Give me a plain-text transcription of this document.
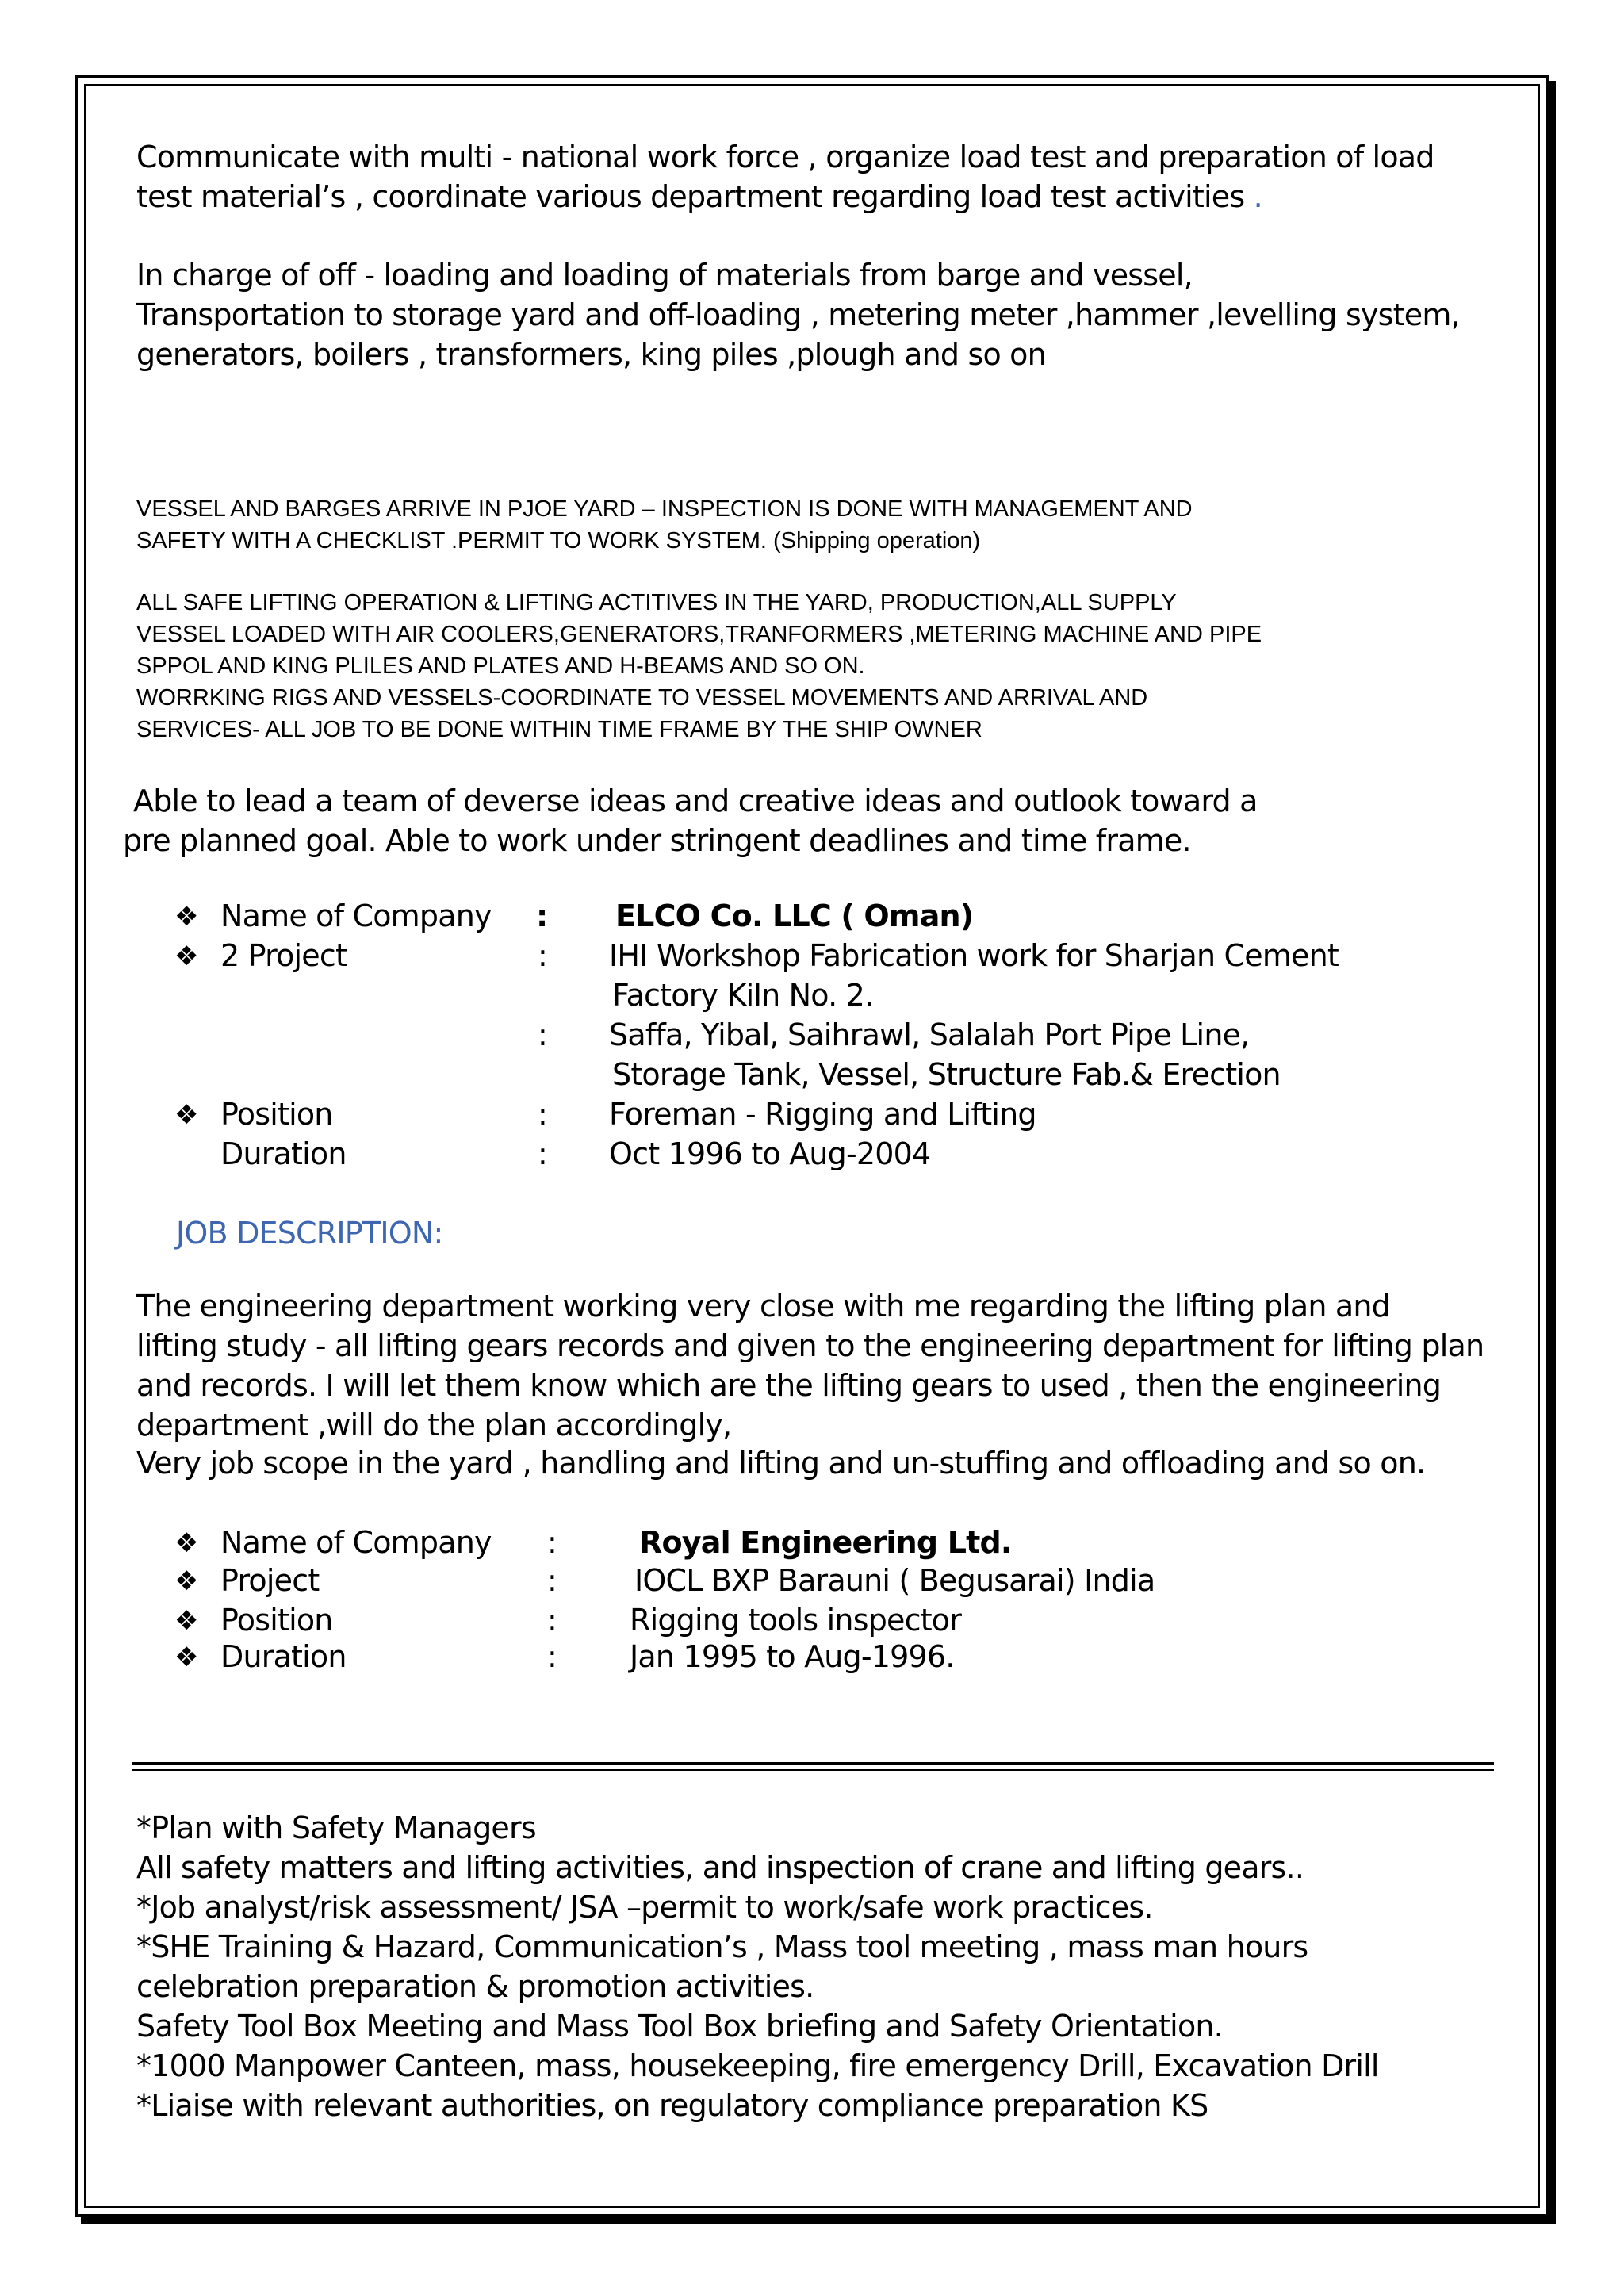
Communicate with multi - national work force , organize load test and preparation of load
test material’s , coordinate various department regarding load test activities .
In charge of off - loading and loading of materials from barge and vessel,
Transportation to storage yard and off-loading , metering meter ,hammer ,levelling system,
generators, boilers , transformers, king piles ,plough and so on
VESSEL AND BARGES ARRIVE IN PJOE YARD – INSPECTION IS DONE WITH MANAGEMENT AND
SAFETY WITH A CHECKLIST .PERMIT TO WORK SYSTEM. (Shipping operation)
ALL SAFE LIFTING OPERATION & LIFTING ACTITIVES IN THE YARD, PRODUCTION,ALL SUPPLY
VESSEL LOADED WITH AIR COOLERS,GENERATORS,TRANFORMERS ,METERING MACHINE AND PIPE
SPPOL AND KING PLILES AND PLATES AND H-BEAMS AND SO ON.
WORRKING RIGS AND VESSELS-COORDINATE TO VESSEL MOVEMENTS AND ARRIVAL AND
SERVICES- ALL JOB TO BE DONE WITHIN TIME FRAME BY THE SHIP OWNER
Able to lead a team of deverse ideas and creative ideas and outlook toward a
pre planned goal. Able to work under stringent deadlines and time frame.
❖ Name of Company : ELCO Co. LLC ( Oman)
❖ 2 Project	: IHI Workshop Fabrication work for Sharjan Cement
Factory Kiln No. 2.
: Saffa, Yibal, Saihrawl, Salalah Port Pipe Line,
Storage Tank, Vessel, Structure Fab.& Erection
❖ Position	: Foreman - Rigging and Lifting
Duration	: Oct 1996 to Aug-2004
JOB DESCRIPTION:
The engineering department working very close with me regarding the lifting plan and
lifting study - all lifting gears records and given to the engineering department for lifting plan
and records. I will let them know which are the lifting gears to used , then the engineering
department ,will do the plan accordingly,
Very job scope in the yard , handling and lifting and un-stuffing and offloading and so on.
❖ Name of Company :	Royal Engineering Ltd.
❖ Project	:	IOCL BXP Barauni ( Begusarai) India
❖ Position	: Rigging tools inspector
❖ Duration	: Jan 1995 to Aug-1996.
*Plan with Safety Managers
All safety matters and lifting activities, and inspection of crane and lifting gears..
*Job analyst/risk assessment/ JSA –permit to work/safe work practices.
*SHE Training & Hazard, Communication’s , Mass tool meeting , mass man hours
celebration preparation & promotion activities.
Safety Tool Box Meeting and Mass Tool Box briefing and Safety Orientation.
*1000 Manpower Canteen, mass, housekeeping, fire emergency Drill, Excavation Drill
*Liaise with relevant authorities, on regulatory compliance preparation KS
